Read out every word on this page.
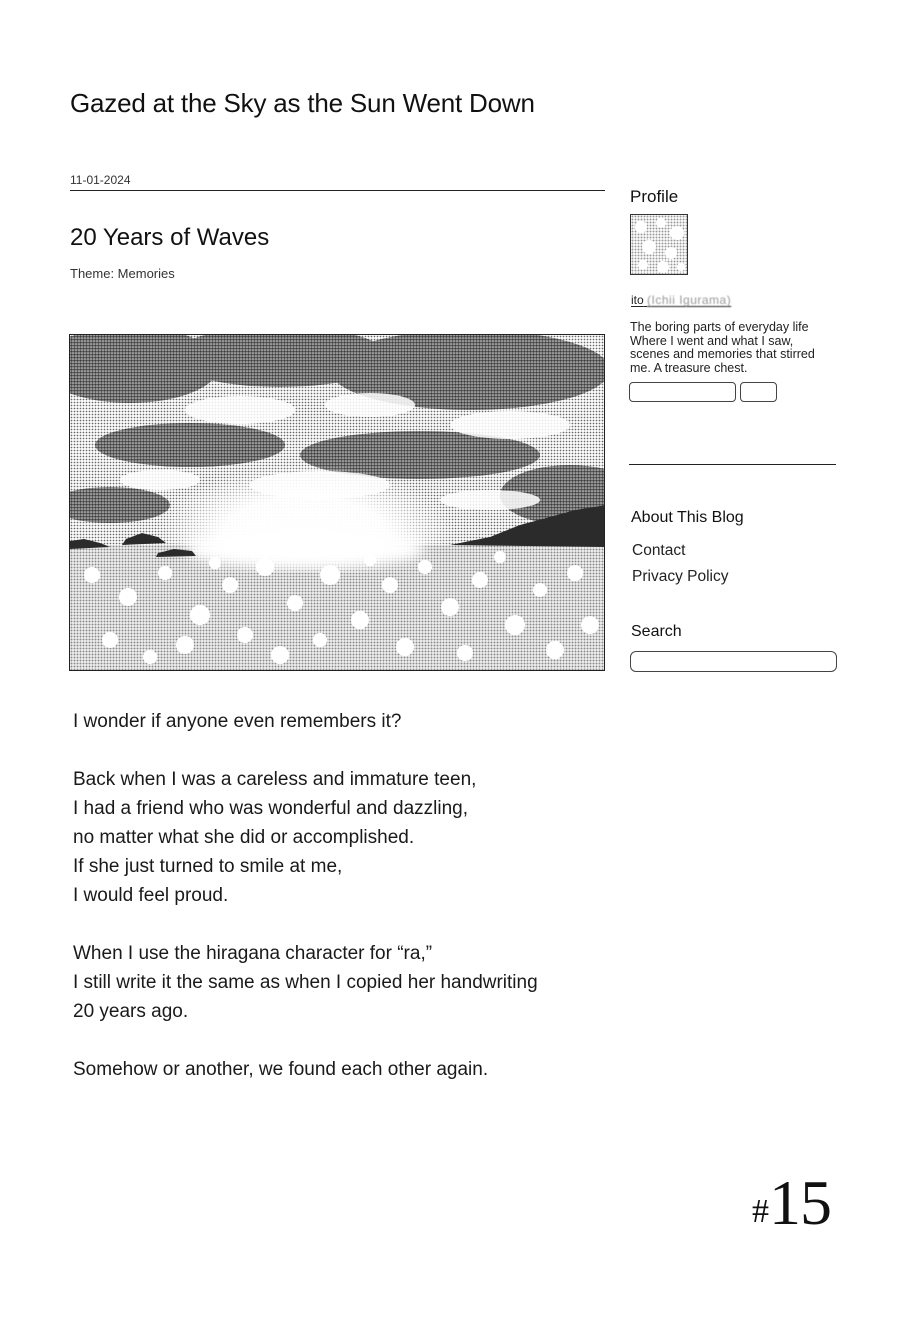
Gazed at the Sky as the Sun Went Down
11-01-2024
20 Years of Waves
Theme: Memories

I wonder if anyone even remembers it?

Back when I was a careless and immature teen,
I had a friend who was wonderful and dazzling,
no matter what she did or accomplished.
If she just turned to smile at me,
I would feel proud.

When I use the hiragana character for “ra,”
I still write it the same as when I copied her handwriting
20 years ago.

Somehow or another, we found each other again.

Profile
ito (Ichii Igurama)
The boring parts of everyday life Where I went and what I saw, scenes and memories that stirred me. A treasure chest.
About This Blog
Contact
Privacy Policy
Search
#15
